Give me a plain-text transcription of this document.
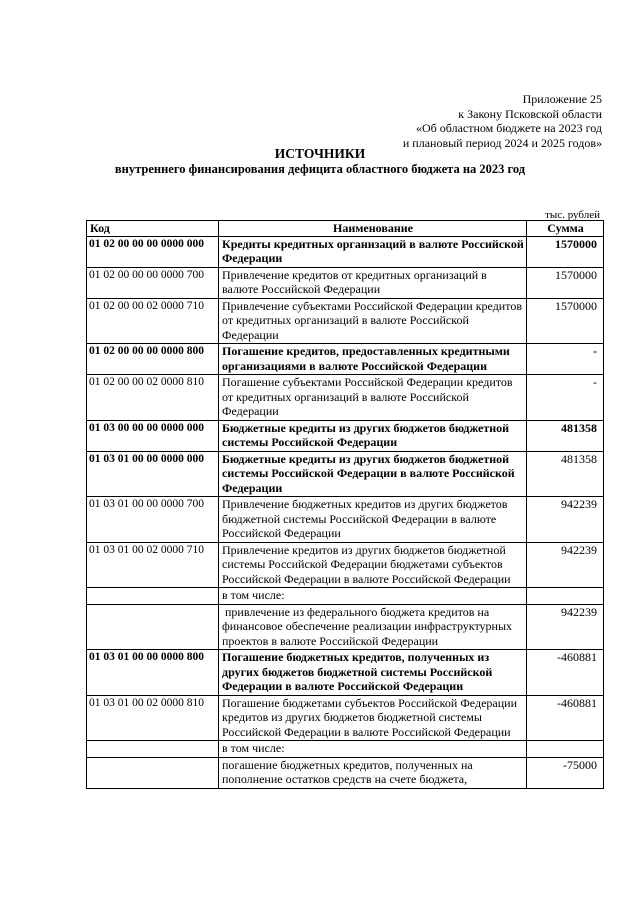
Приложение 25
к Закону Псковской области
«Об областном бюджете на 2023 год
и плановый период 2024 и 2025 годов»
ИСТОЧНИКИ
внутреннего финансирования дефицита областного бюджета на 2023 год
тыс. рублей
Код	Наименование	Сумма
01 02 00 00 00 0000 000	Кредиты кредитных организаций в валюте Российской Федерации	1570000
01 02 00 00 00 0000 700	Привлечение кредитов от кредитных организаций в валюте Российской Федерации	1570000
01 02 00 00 02 0000 710	Привлечение субъектами Российской Федерации кредитов от кредитных организаций в валюте Российской Федерации	1570000
01 02 00 00 00 0000 800	Погашение кредитов, предоставленных кредитными организациями в валюте Российской Федерации	-
01 02 00 00 02 0000 810	Погашение субъектами Российской Федерации кредитов от кредитных организаций в валюте Российской Федерации	-
01 03 00 00 00 0000 000	Бюджетные кредиты из других бюджетов бюджетной системы Российской Федерации	481358
01 03 01 00 00 0000 000	Бюджетные кредиты из других бюджетов бюджетной системы Российской Федерации в валюте Российской Федерации	481358
01 03 01 00 00 0000 700	Привлечение бюджетных кредитов из других бюджетов бюджетной системы Российской Федерации в валюте Российской Федерации	942239
01 03 01 00 02 0000 710	Привлечение кредитов из других бюджетов бюджетной системы Российской Федерации бюджетами субъектов Российской Федерации в валюте Российской Федерации	942239
	в том числе:	
	привлечение из федерального бюджета кредитов на финансовое обеспечение реализации инфраструктурных проектов в валюте Российской Федерации	942239
01 03 01 00 00 0000 800	Погашение бюджетных кредитов, полученных из других бюджетов бюджетной системы Российской Федерации в валюте Российской Федерации	-460881
01 03 01 00 02 0000 810	Погашение бюджетами субъектов Российской Федерации кредитов из других бюджетов бюджетной системы Российской Федерации в валюте Российской Федерации	-460881
	в том числе:	
	погашение бюджетных кредитов, полученных на пополнение остатков средств на счете бюджета,	-75000
